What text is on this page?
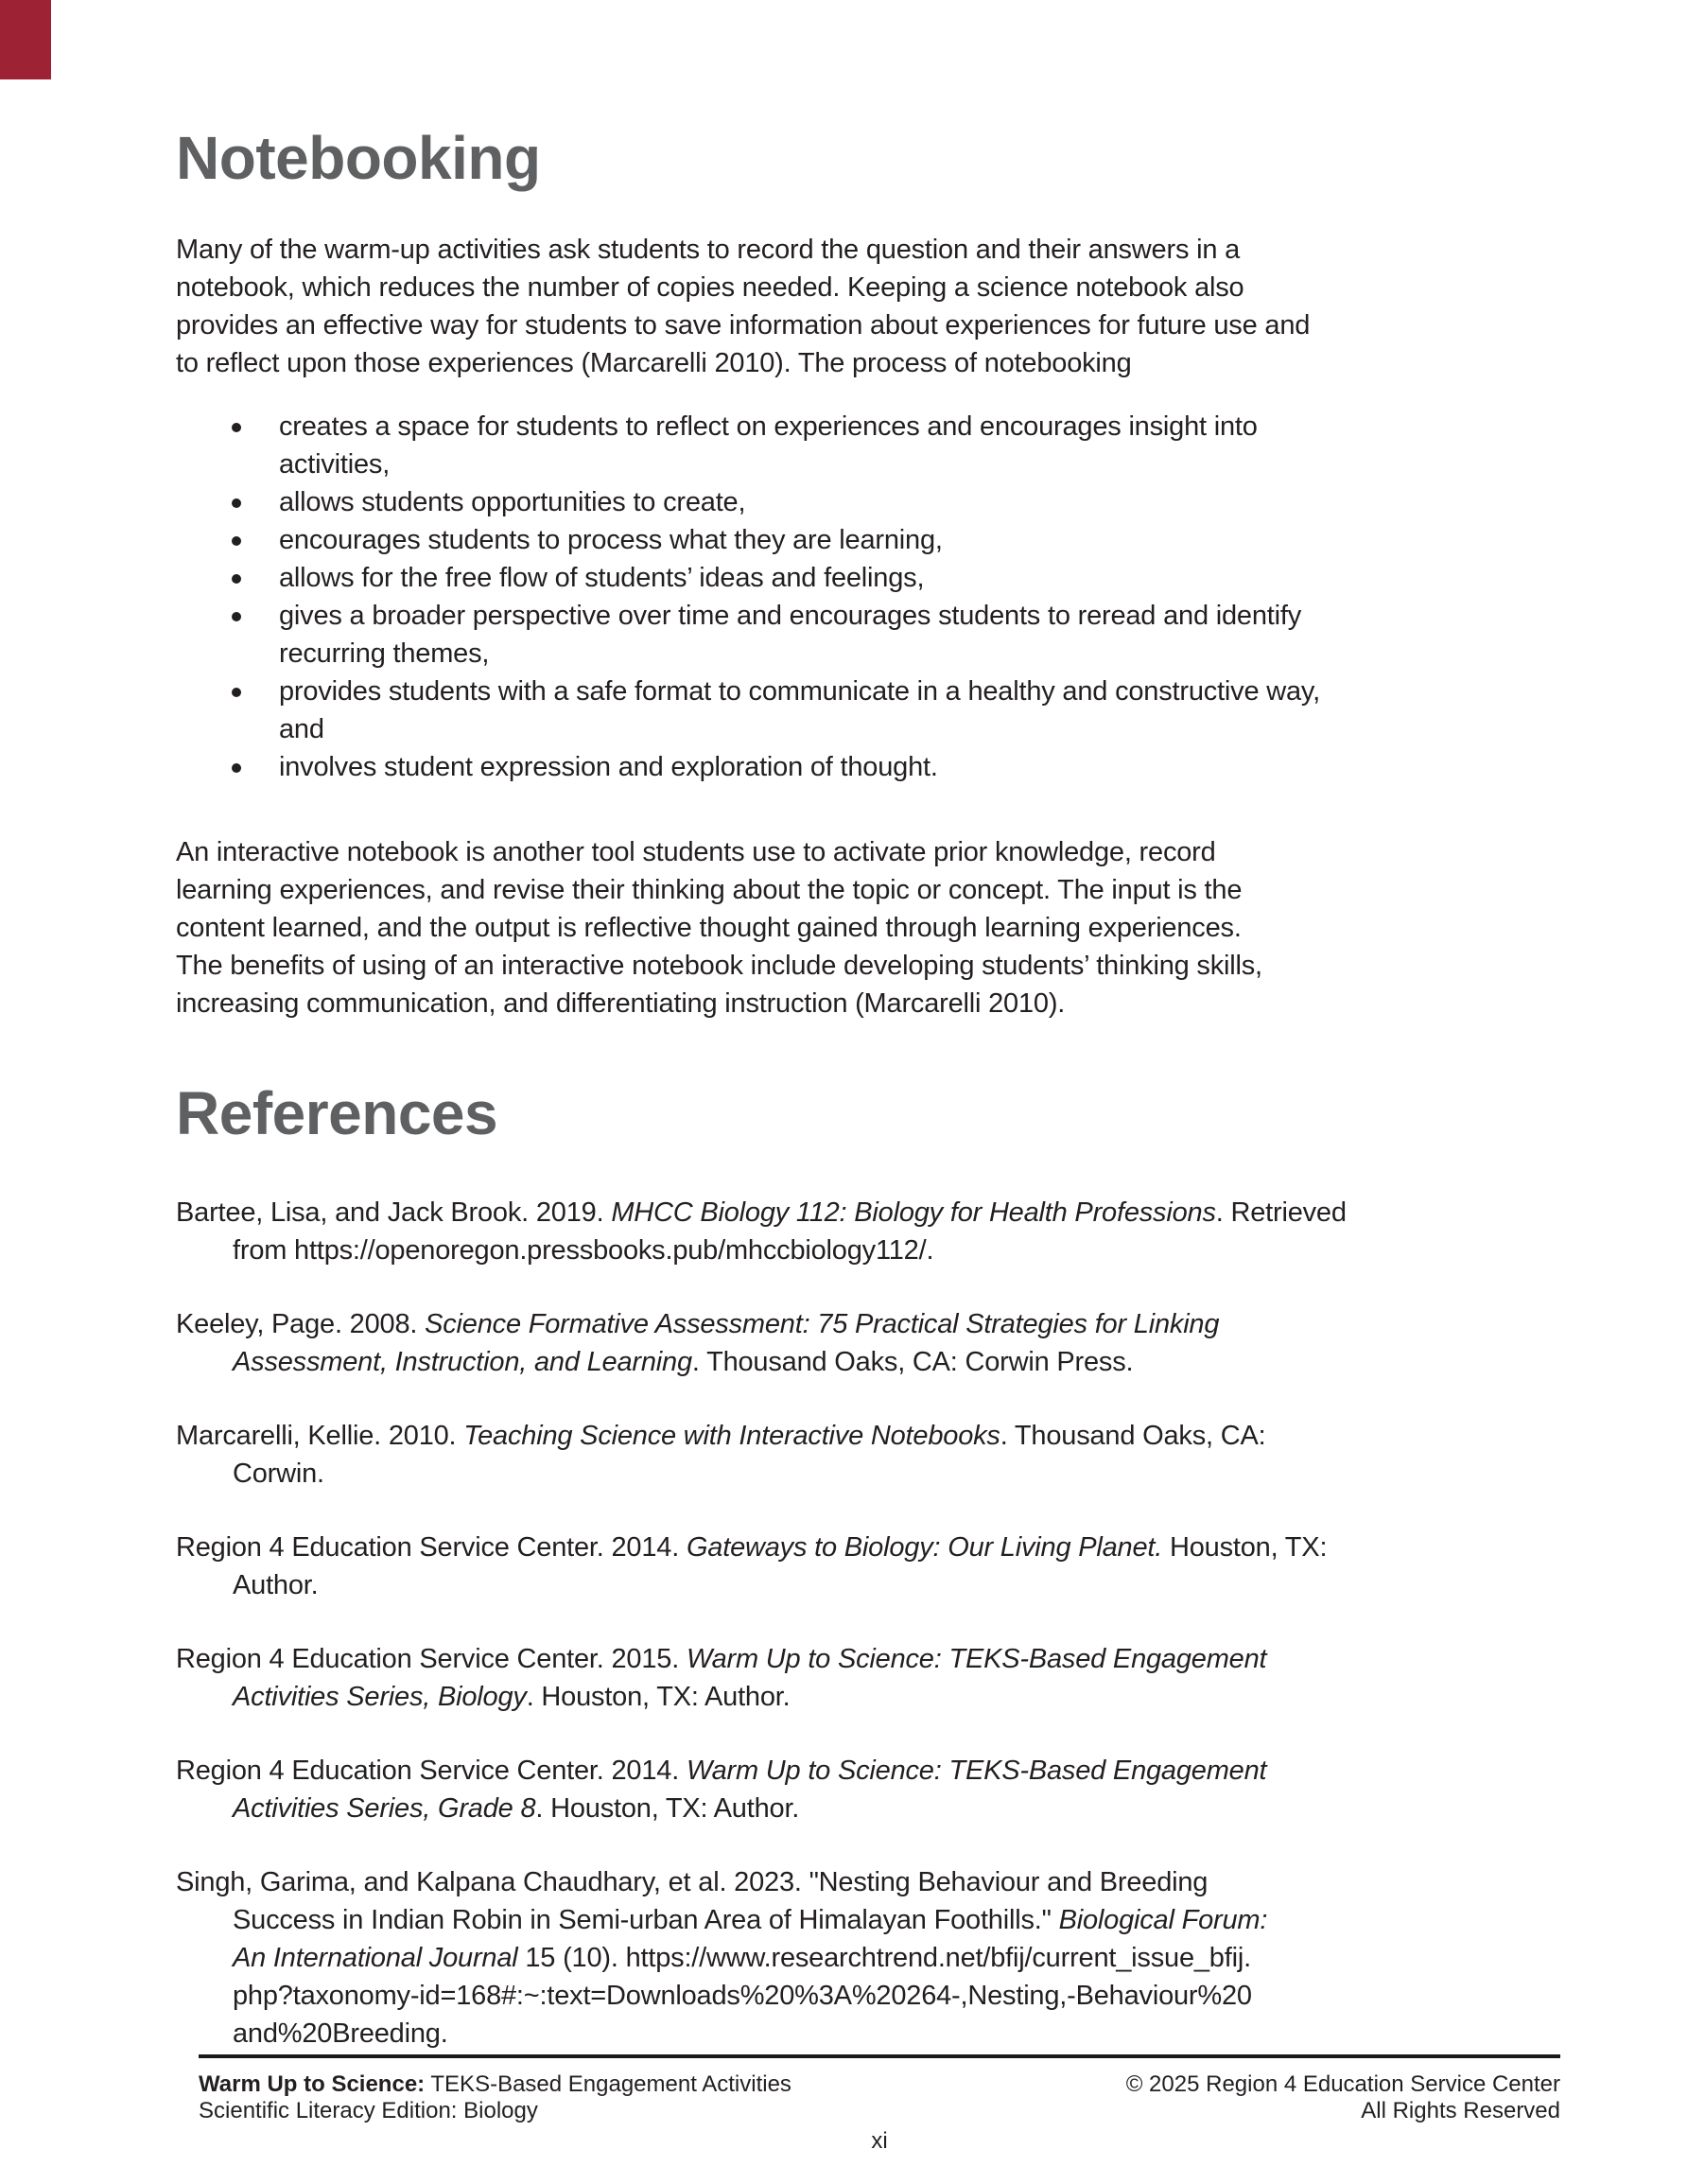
Notebooking

Many of the warm-up activities ask students to record the question and their answers in a
notebook, which reduces the number of copies needed. Keeping a science notebook also
provides an effective way for students to save information about experiences for future use and
to reflect upon those experiences (Marcarelli 2010). The process of notebooking

creates a space for students to reflect on experiences and encourages insight into
activities,
allows students opportunities to create,
encourages students to process what they are learning,
allows for the free flow of students’ ideas and feelings,
gives a broader perspective over time and encourages students to reread and identify
recurring themes,
provides students with a safe format to communicate in a healthy and constructive way,
and
involves student expression and exploration of thought.

An interactive notebook is another tool students use to activate prior knowledge, record
learning experiences, and revise their thinking about the topic or concept. The input is the
content learned, and the output is reflective thought gained through learning experiences.
The benefits of using of an interactive notebook include developing students’ thinking skills,
increasing communication, and differentiating instruction (Marcarelli 2010).

References
Bartee, Lisa, and Jack Brook. 2019. MHCC Biology 112: Biology for Health Professions. Retrieved
from https://openoregon.pressbooks.pub/mhccbiology112/.
Keeley, Page. 2008. Science Formative Assessment: 75 Practical Strategies for Linking
Assessment, Instruction, and Learning. Thousand Oaks, CA: Corwin Press.
Marcarelli, Kellie. 2010. Teaching Science with Interactive Notebooks. Thousand Oaks, CA:
Corwin.
Region 4 Education Service Center. 2014. Gateways to Biology: Our Living Planet. Houston, TX:
Author.
Region 4 Education Service Center. 2015. Warm Up to Science: TEKS-Based Engagement
Activities Series, Biology. Houston, TX: Author.
Region 4 Education Service Center. 2014. Warm Up to Science: TEKS-Based Engagement
Activities Series, Grade 8. Houston, TX: Author.
Singh, Garima, and Kalpana Chaudhary, et al. 2023. "Nesting Behaviour and Breeding
Success in Indian Robin in Semi-urban Area of Himalayan Foothills." Biological Forum:
An International Journal 15 (10). https://www.researchtrend.net/bfij/current_issue_bfij.
php?taxonomy-id=168#:~:text=Downloads%20%3A%20264-,Nesting,-Behaviour%20
and%20Breeding.
Warm Up to Science: TEKS-Based Engagement Activities
Scientific Literacy Edition: Biology
© 2025 Region 4 Education Service Center
All Rights Reserved
xi
